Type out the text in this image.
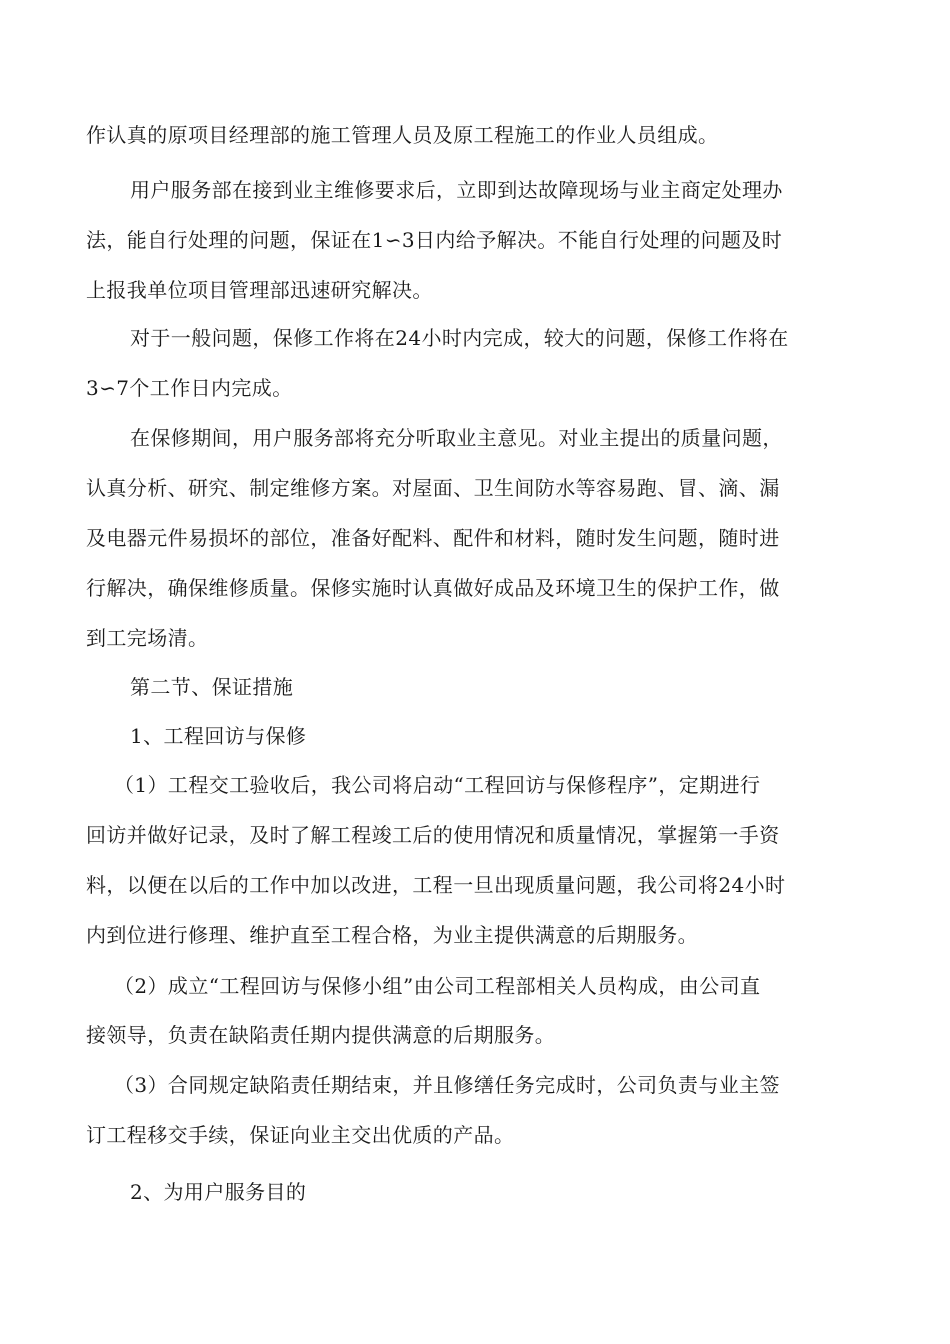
作认真的原项目经理部的施工管理人员及原工程施工的作业人员组成。
用户服务部在接到业主维修要求后，立即到达故障现场与业主商定处理办
法，能自行处理的问题，保证在1∽3日内给予解决。不能自行处理的问题及时
上报我单位项目管理部迅速研究解决。
对于一般问题，保修工作将在24小时内完成，较大的问题，保修工作将在
3∽7个工作日内完成。
在保修期间，用户服务部将充分听取业主意见。对业主提出的质量问题，
认真分析、研究、制定维修方案。对屋面、卫生间防水等容易跑、冒、滴、漏
及电器元件易损坏的部位，准备好配料、配件和材料，随时发生问题，随时进
行解决，确保维修质量。保修实施时认真做好成品及环境卫生的保护工作，做
到工完场清。
第二节、保证措施
1、工程回访与保修
（1）工程交工验收后，我公司将启动“工程回访与保修程序”，定期进行
回访并做好记录，及时了解工程竣工后的使用情况和质量情况，掌握第一手资
料，以便在以后的工作中加以改进，工程一旦出现质量问题，我公司将24小时
内到位进行修理、维护直至工程合格，为业主提供满意的后期服务。
（2）成立“工程回访与保修小组”由公司工程部相关人员构成，由公司直
接领导，负责在缺陷责任期内提供满意的后期服务。
（3）合同规定缺陷责任期结束，并且修缮任务完成时，公司负责与业主签
订工程移交手续，保证向业主交出优质的产品。
2、为用户服务目的
